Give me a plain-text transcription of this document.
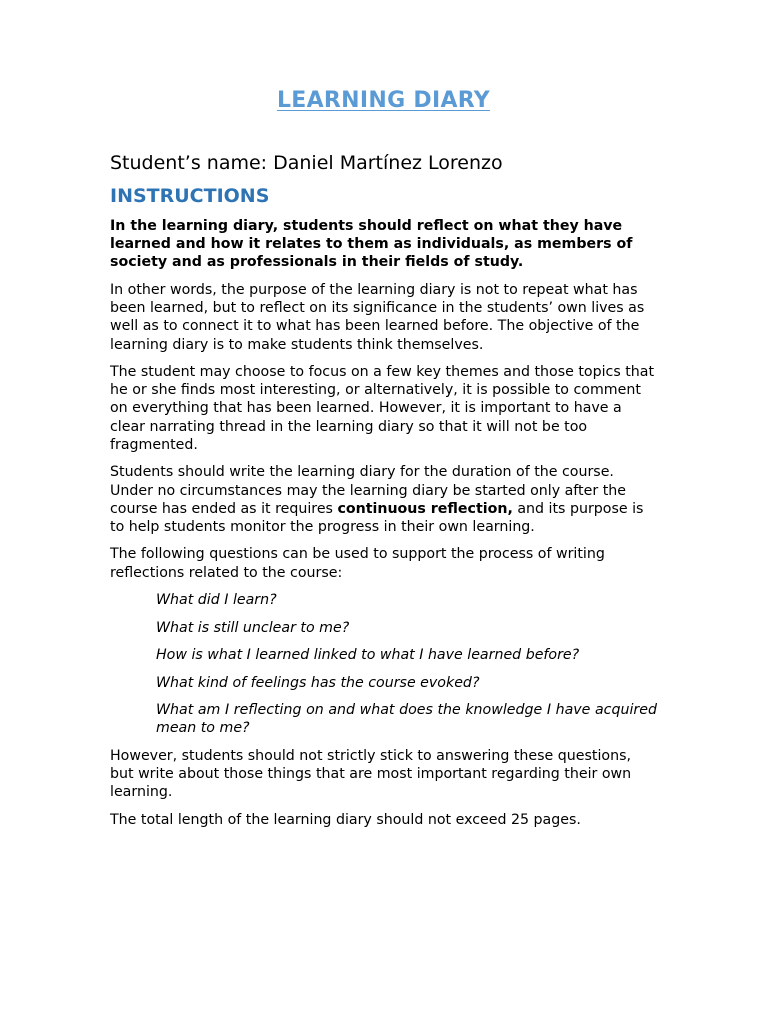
LEARNING DIARY
Student’s name: Daniel Martínez Lorenzo
INSTRUCTIONS

In the learning diary, students should reflect on what they have learned and how it relates to them as individuals, as members of society and as professionals in their fields of study.

In other words, the purpose of the learning diary is not to repeat what has been learned, but to reflect on its significance in the students’ own lives as well as to connect it to what has been learned before. The objective of the learning diary is to make students think themselves.

The student may choose to focus on a few key themes and those topics that he or she finds most interesting, or alternatively, it is possible to comment on everything that has been learned. However, it is important to have a clear narrating thread in the learning diary so that it will not be too fragmented.

Students should write the learning diary for the duration of the course. Under no circumstances may the learning diary be started only after the course has ended as it requires continuous reflection, and its purpose is to help students monitor the progress in their own learning.

The following questions can be used to support the process of writing reflections related to the course:

What did I learn?

What is still unclear to me?

How is what I learned linked to what I have learned before?

What kind of feelings has the course evoked?

What am I reflecting on and what does the knowledge I have acquired mean to me?

However, students should not strictly stick to answering these questions, but write about those things that are most important regarding their own learning.

The total length of the learning diary should not exceed 25 pages.
